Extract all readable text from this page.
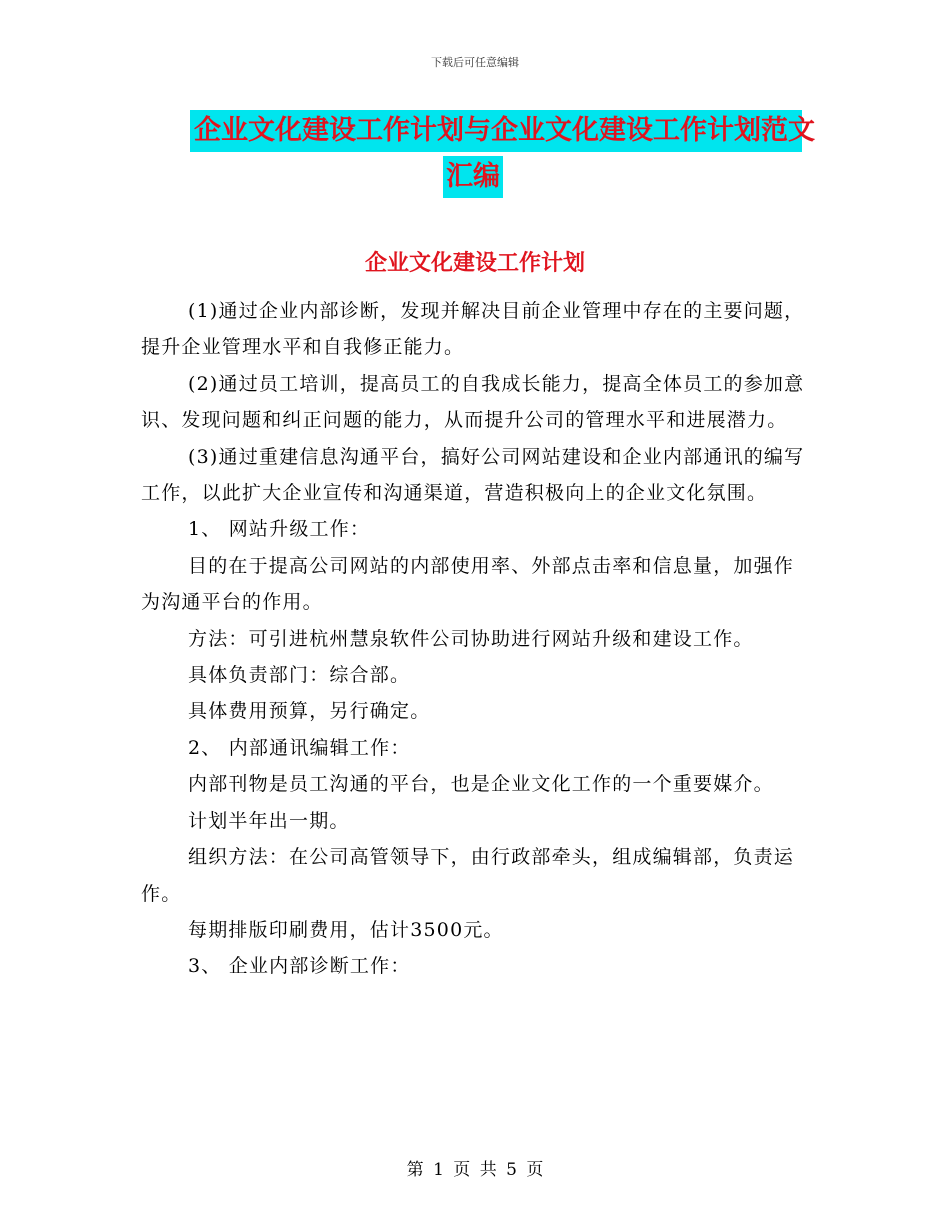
下载后可任意编辑
企业文化建设工作计划与企业文化建设工作计划范文
汇编
企业文化建设工作计划

(1)通过企业内部诊断，发现并解决目前企业管理中存在的主要问题，提升企业管理水平和自我修正能力。

(2)通过员工培训，提高员工的自我成长能力，提高全体员工的参加意识、发现问题和纠正问题的能力，从而提升公司的管理水平和进展潜力。

(3)通过重建信息沟通平台，搞好公司网站建设和企业内部通讯的编写工作，以此扩大企业宣传和沟通渠道，营造积极向上的企业文化氛围。

1、 网站升级工作：

目的在于提高公司网站的内部使用率、外部点击率和信息量，加强作为沟通平台的作用。

方法：可引进杭州慧泉软件公司协助进行网站升级和建设工作。

具体负责部门：综合部。

具体费用预算，另行确定。

2、 内部通讯编辑工作：

内部刊物是员工沟通的平台，也是企业文化工作的一个重要媒介。

计划半年出一期。

组织方法：在公司高管领导下，由行政部牵头，组成编辑部，负责运作。

每期排版印刷费用，估计3500元。

3、 企业内部诊断工作：

第 1 页 共 5 页
